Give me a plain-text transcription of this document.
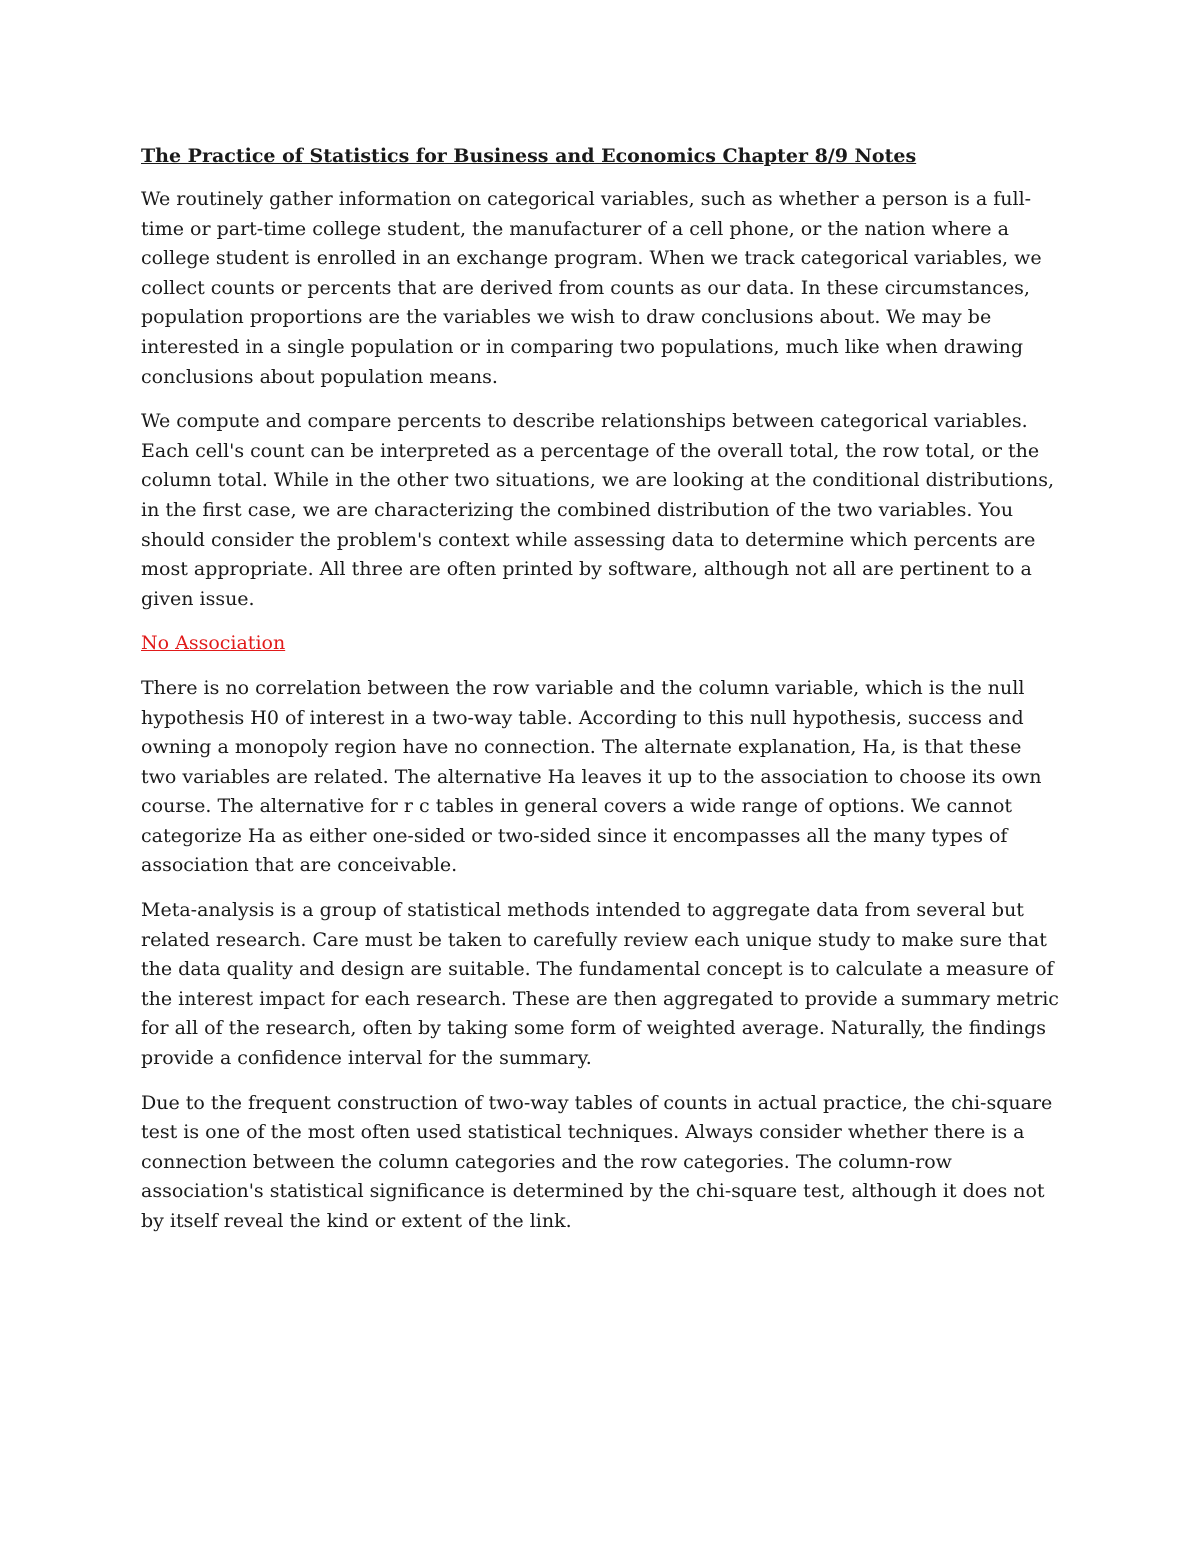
The Practice of Statistics for Business and Economics Chapter 8/9 Notes

We routinely gather information on categorical variables, such as whether a person is a full-time or part-time college student, the manufacturer of a cell phone, or the nation where a college student is enrolled in an exchange program. When we track categorical variables, we collect counts or percents that are derived from counts as our data. In these circumstances, population proportions are the variables we wish to draw conclusions about. We may be interested in a single population or in comparing two populations, much like when drawing conclusions about population means.

We compute and compare percents to describe relationships between categorical variables. Each cell's count can be interpreted as a percentage of the overall total, the row total, or the column total. While in the other two situations, we are looking at the conditional distributions, in the first case, we are characterizing the combined distribution of the two variables. You should consider the problem's context while assessing data to determine which percents are most appropriate. All three are often printed by software, although not all are pertinent to a given issue.

No Association

There is no correlation between the row variable and the column variable, which is the null hypothesis H0 of interest in a two-way table. According to this null hypothesis, success and owning a monopoly region have no connection. The alternate explanation, Ha, is that these two variables are related. The alternative Ha leaves it up to the association to choose its own course. The alternative for r c tables in general covers a wide range of options. We cannot categorize Ha as either one-sided or two-sided since it encompasses all the many types of association that are conceivable.

Meta-analysis is a group of statistical methods intended to aggregate data from several but related research. Care must be taken to carefully review each unique study to make sure that the data quality and design are suitable. The fundamental concept is to calculate a measure of the interest impact for each research. These are then aggregated to provide a summary metric for all of the research, often by taking some form of weighted average. Naturally, the findings provide a confidence interval for the summary.

Due to the frequent construction of two-way tables of counts in actual practice, the chi-square test is one of the most often used statistical techniques. Always consider whether there is a connection between the column categories and the row categories. The column-row association's statistical significance is determined by the chi-square test, although it does not by itself reveal the kind or extent of the link.
